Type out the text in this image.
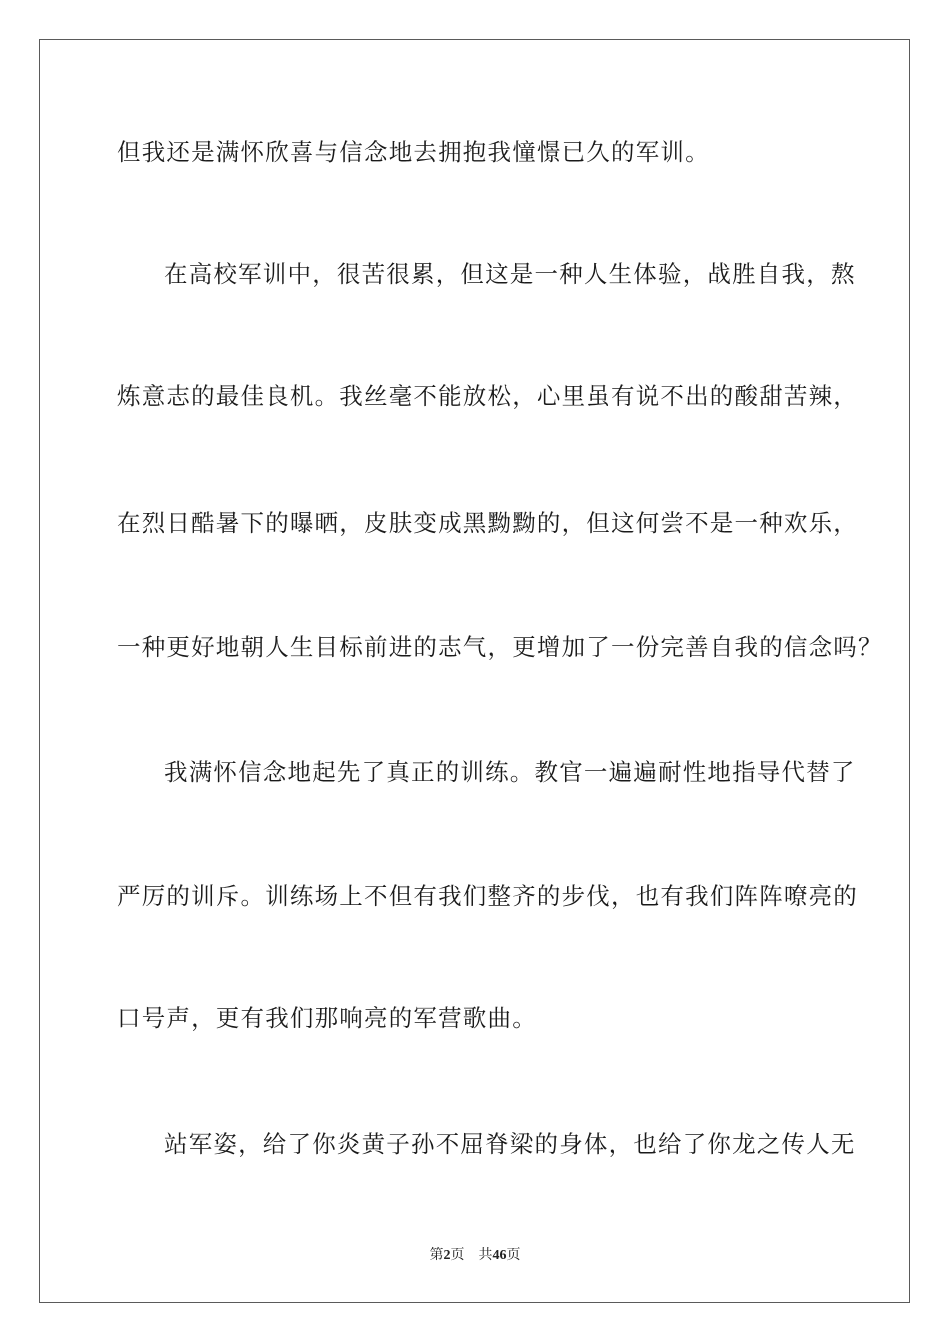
但我还是满怀欣喜与信念地去拥抱我憧憬已久的军训。
在高校军训中，很苦很累，但这是一种人生体验，战胜自我，熬
炼意志的最佳良机。我丝毫不能放松，心里虽有说不出的酸甜苦辣，
在烈日酷暑下的曝晒，皮肤变成黑黝黝的，但这何尝不是一种欢乐，
一种更好地朝人生目标前进的志气，更增加了一份完善自我的信念吗？
我满怀信念地起先了真正的训练。教官一遍遍耐性地指导代替了
严厉的训斥。训练场上不但有我们整齐的步伐，也有我们阵阵嘹亮的
口号声，更有我们那响亮的军营歌曲。
站军姿，给了你炎黄子孙不屈脊梁的身体，也给了你龙之传人无
第2页 共46页
